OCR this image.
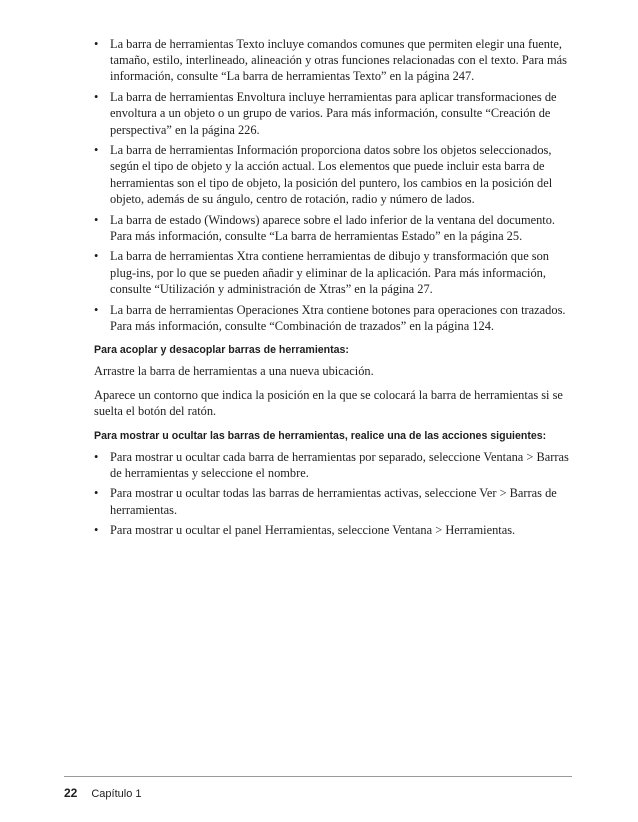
• La barra de herramientas Texto incluye comandos comunes que permiten elegir una fuente, tamaño, estilo, interlineado, alineación y otras funciones relacionadas con el texto. Para más información, consulte “La barra de herramientas Texto” en la página 247.
• La barra de herramientas Envoltura incluye herramientas para aplicar transformaciones de envoltura a un objeto o un grupo de varios. Para más información, consulte “Creación de perspectiva” en la página 226.
• La barra de herramientas Información proporciona datos sobre los objetos seleccionados, según el tipo de objeto y la acción actual. Los elementos que puede incluir esta barra de herramientas son el tipo de objeto, la posición del puntero, los cambios en la posición del objeto, además de su ángulo, centro de rotación, radio y número de lados.
• La barra de estado (Windows) aparece sobre el lado inferior de la ventana del documento. Para más información, consulte “La barra de herramientas Estado” en la página 25.
• La barra de herramientas Xtra contiene herramientas de dibujo y transformación que son plug-ins, por lo que se pueden añadir y eliminar de la aplicación. Para más información, consulte “Utilización y administración de Xtras” en la página 27.
• La barra de herramientas Operaciones Xtra contiene botones para operaciones con trazados. Para más información, consulte “Combinación de trazados” en la página 124.
Para acoplar y desacoplar barras de herramientas:

Arrastre la barra de herramientas a una nueva ubicación.

Aparece un contorno que indica la posición en la que se colocará la barra de herramientas si se suelta el botón del ratón.

Para mostrar u ocultar las barras de herramientas, realice una de las acciones siguientes:
• Para mostrar u ocultar cada barra de herramientas por separado, seleccione Ventana > Barras de herramientas y seleccione el nombre.
• Para mostrar u ocultar todas las barras de herramientas activas, seleccione Ver > Barras de herramientas.
• Para mostrar u ocultar el panel Herramientas, seleccione Ventana > Herramientas.
22 Capítulo 1
